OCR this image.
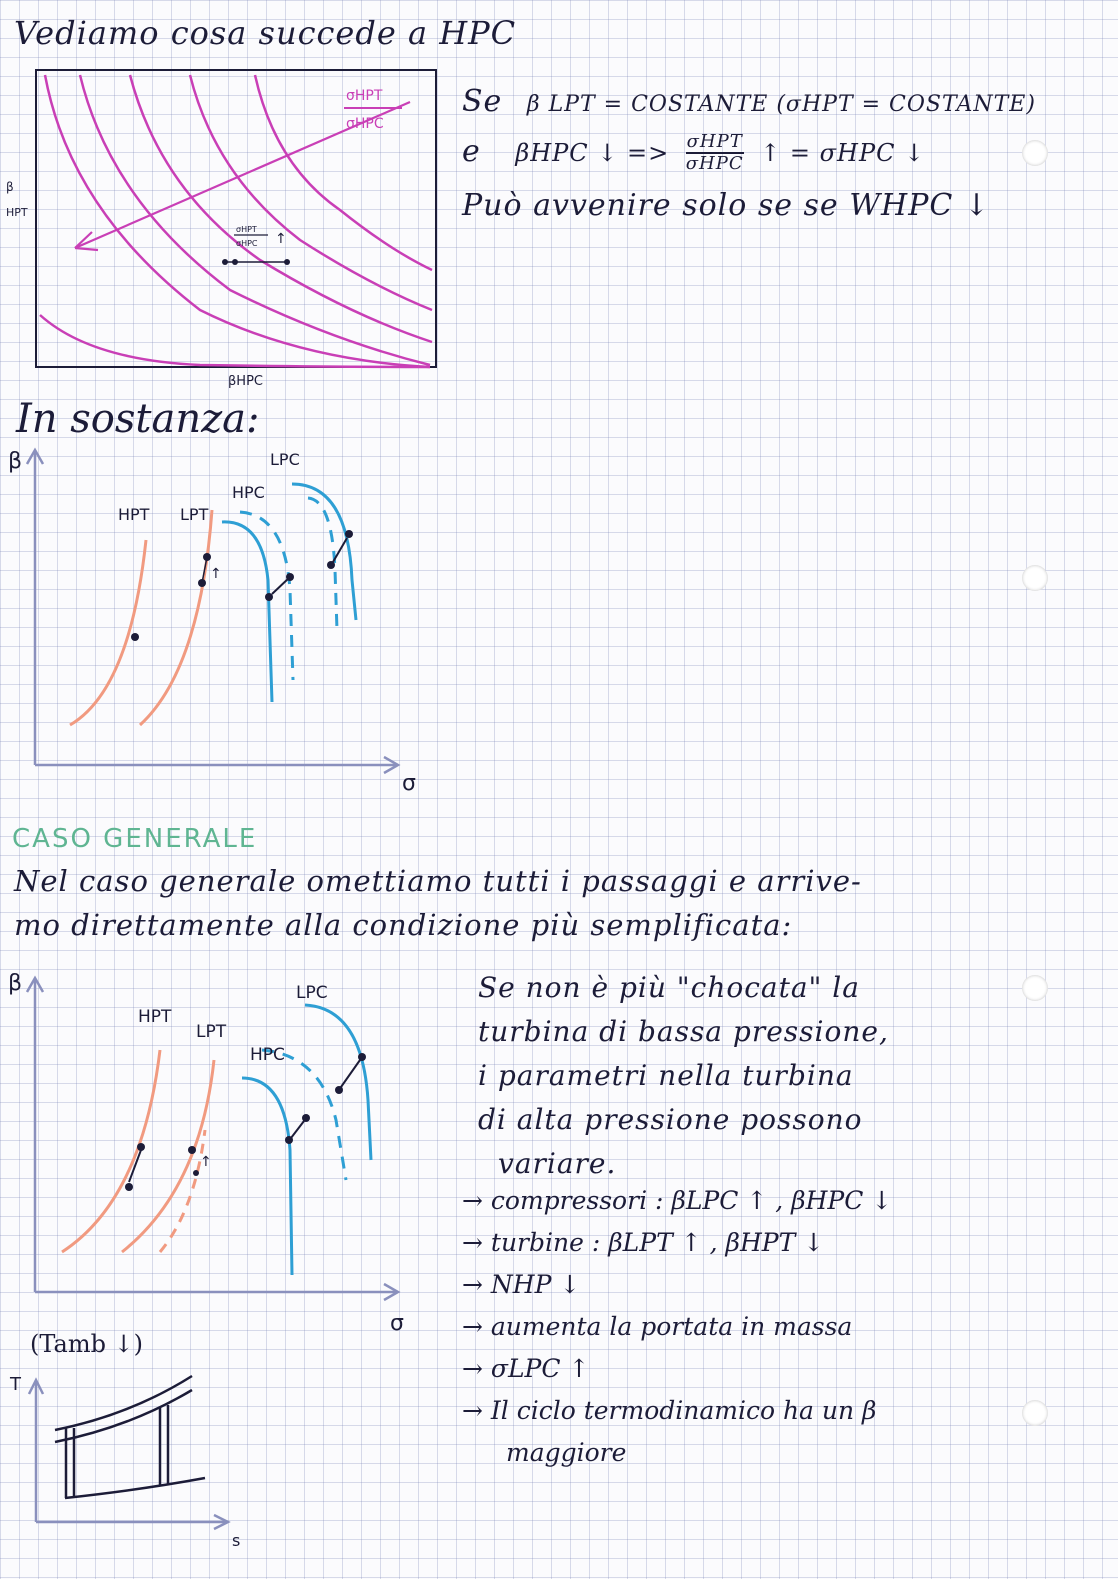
Vediamo cosa succede a HPC
σHPT
σHPC
σHPT
σHPC ↑
β
HPT
βHPC
Se β LPT = COSTANTE (σHPT = COSTANTE)
e βHPC ↓ => $\frac{\text{σHPT}}{\text{σHPC}}$ ↑ = σHPC ↓
Può avvenire solo se se WHPC ↓
In sostanza:
β
σ
↑
HPT LPT
HPC
LPC
CASO GENERALE
Nel caso generale omettiamo tutti i passaggi e arrive-
mo direttamente alla condizione più semplificata:
β
σ
↑
HPT
LPT
HPC
LPC	Se non è più "chocata" la
turbina di bassa pressione,
i parametri nella turbina
di alta pressione possono
variare.
→ compressori : βLPC ↑ , βHPC ↓
→ turbine : βLPT ↑ , βHPT ↓
→ NHP ↓
→ aumenta la portata in massa
→ σLPC ↑
→ Il ciclo termodinamico ha un β
maggiore
(Tamb ↓)
T
s
